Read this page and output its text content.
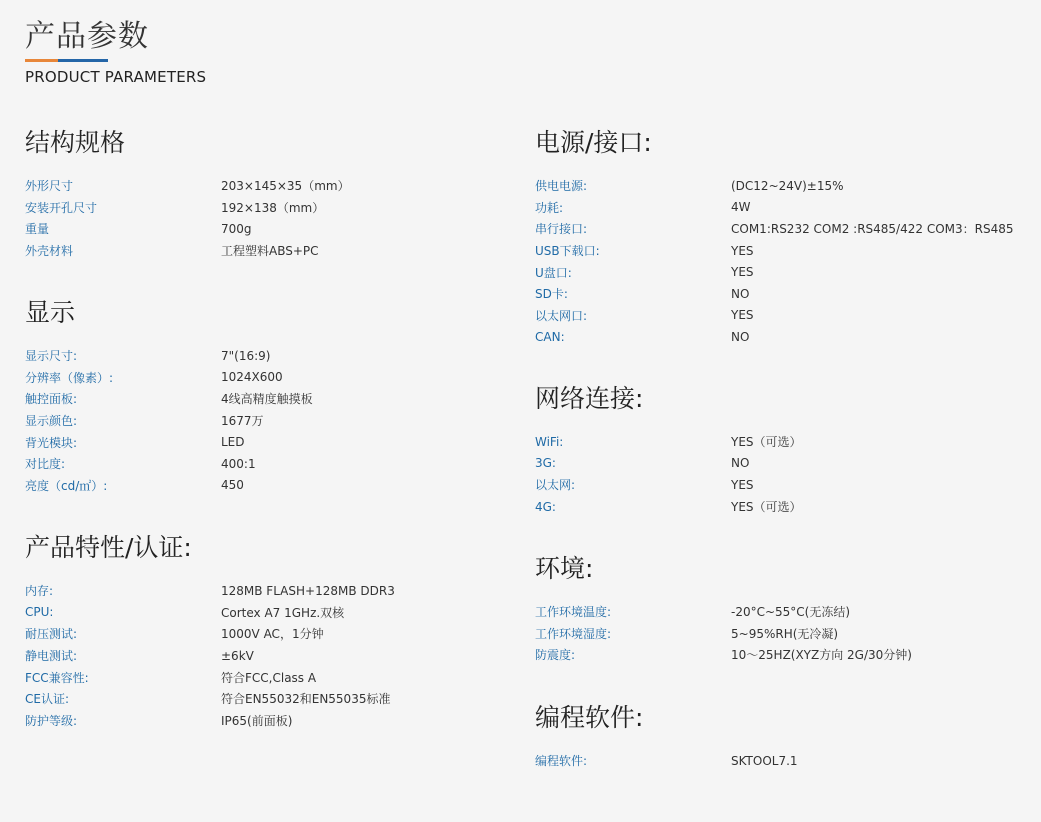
产品参数
PRODUCT PARAMETERS
结构规格
外形尺寸	203×145×35（mm）
安装开孔尺寸	192×138（mm）
重量	700g
外壳材料	工程塑料ABS+PC
显示
显示尺寸:	7"(16:9)
分辨率（像素）:	1024X600
触控面板:	4线高精度触摸板
显示颜色:	1677万
背光模块:	LED
对比度:	400:1
亮度（cd/㎡）:	450
产品特性/认证:
内存:	128MB FLASH+128MB DDR3
CPU:	Cortex A7 1GHz.双核
耐压测试:	1000V AC，1分钟
静电测试:	±6kV
FCC兼容性:	符合FCC,Class A
CE认证:	符合EN55032和EN55035标准
防护等级:	IP65(前面板)
电源/接口:
供电电源:	(DC12~24V)±15%
功耗:	4W
串行接口:	COM1:RS232 COM2 :RS485/422 COM3：RS485
USB下载口:	YES
U盘口:	YES
SD卡:	NO
以太网口:	YES
CAN:	NO
网络连接:
WiFi:	YES（可选）
3G:	NO
以太网:	YES
4G:	YES（可选）
环境:
工作环境温度:	-20°C~55°C(无冻结)
工作环境湿度:	5~95%RH(无冷凝)
防震度:	10～25HZ(XYZ方向 2G/30分钟)
编程软件:
编程软件:	SKTOOL7.1
